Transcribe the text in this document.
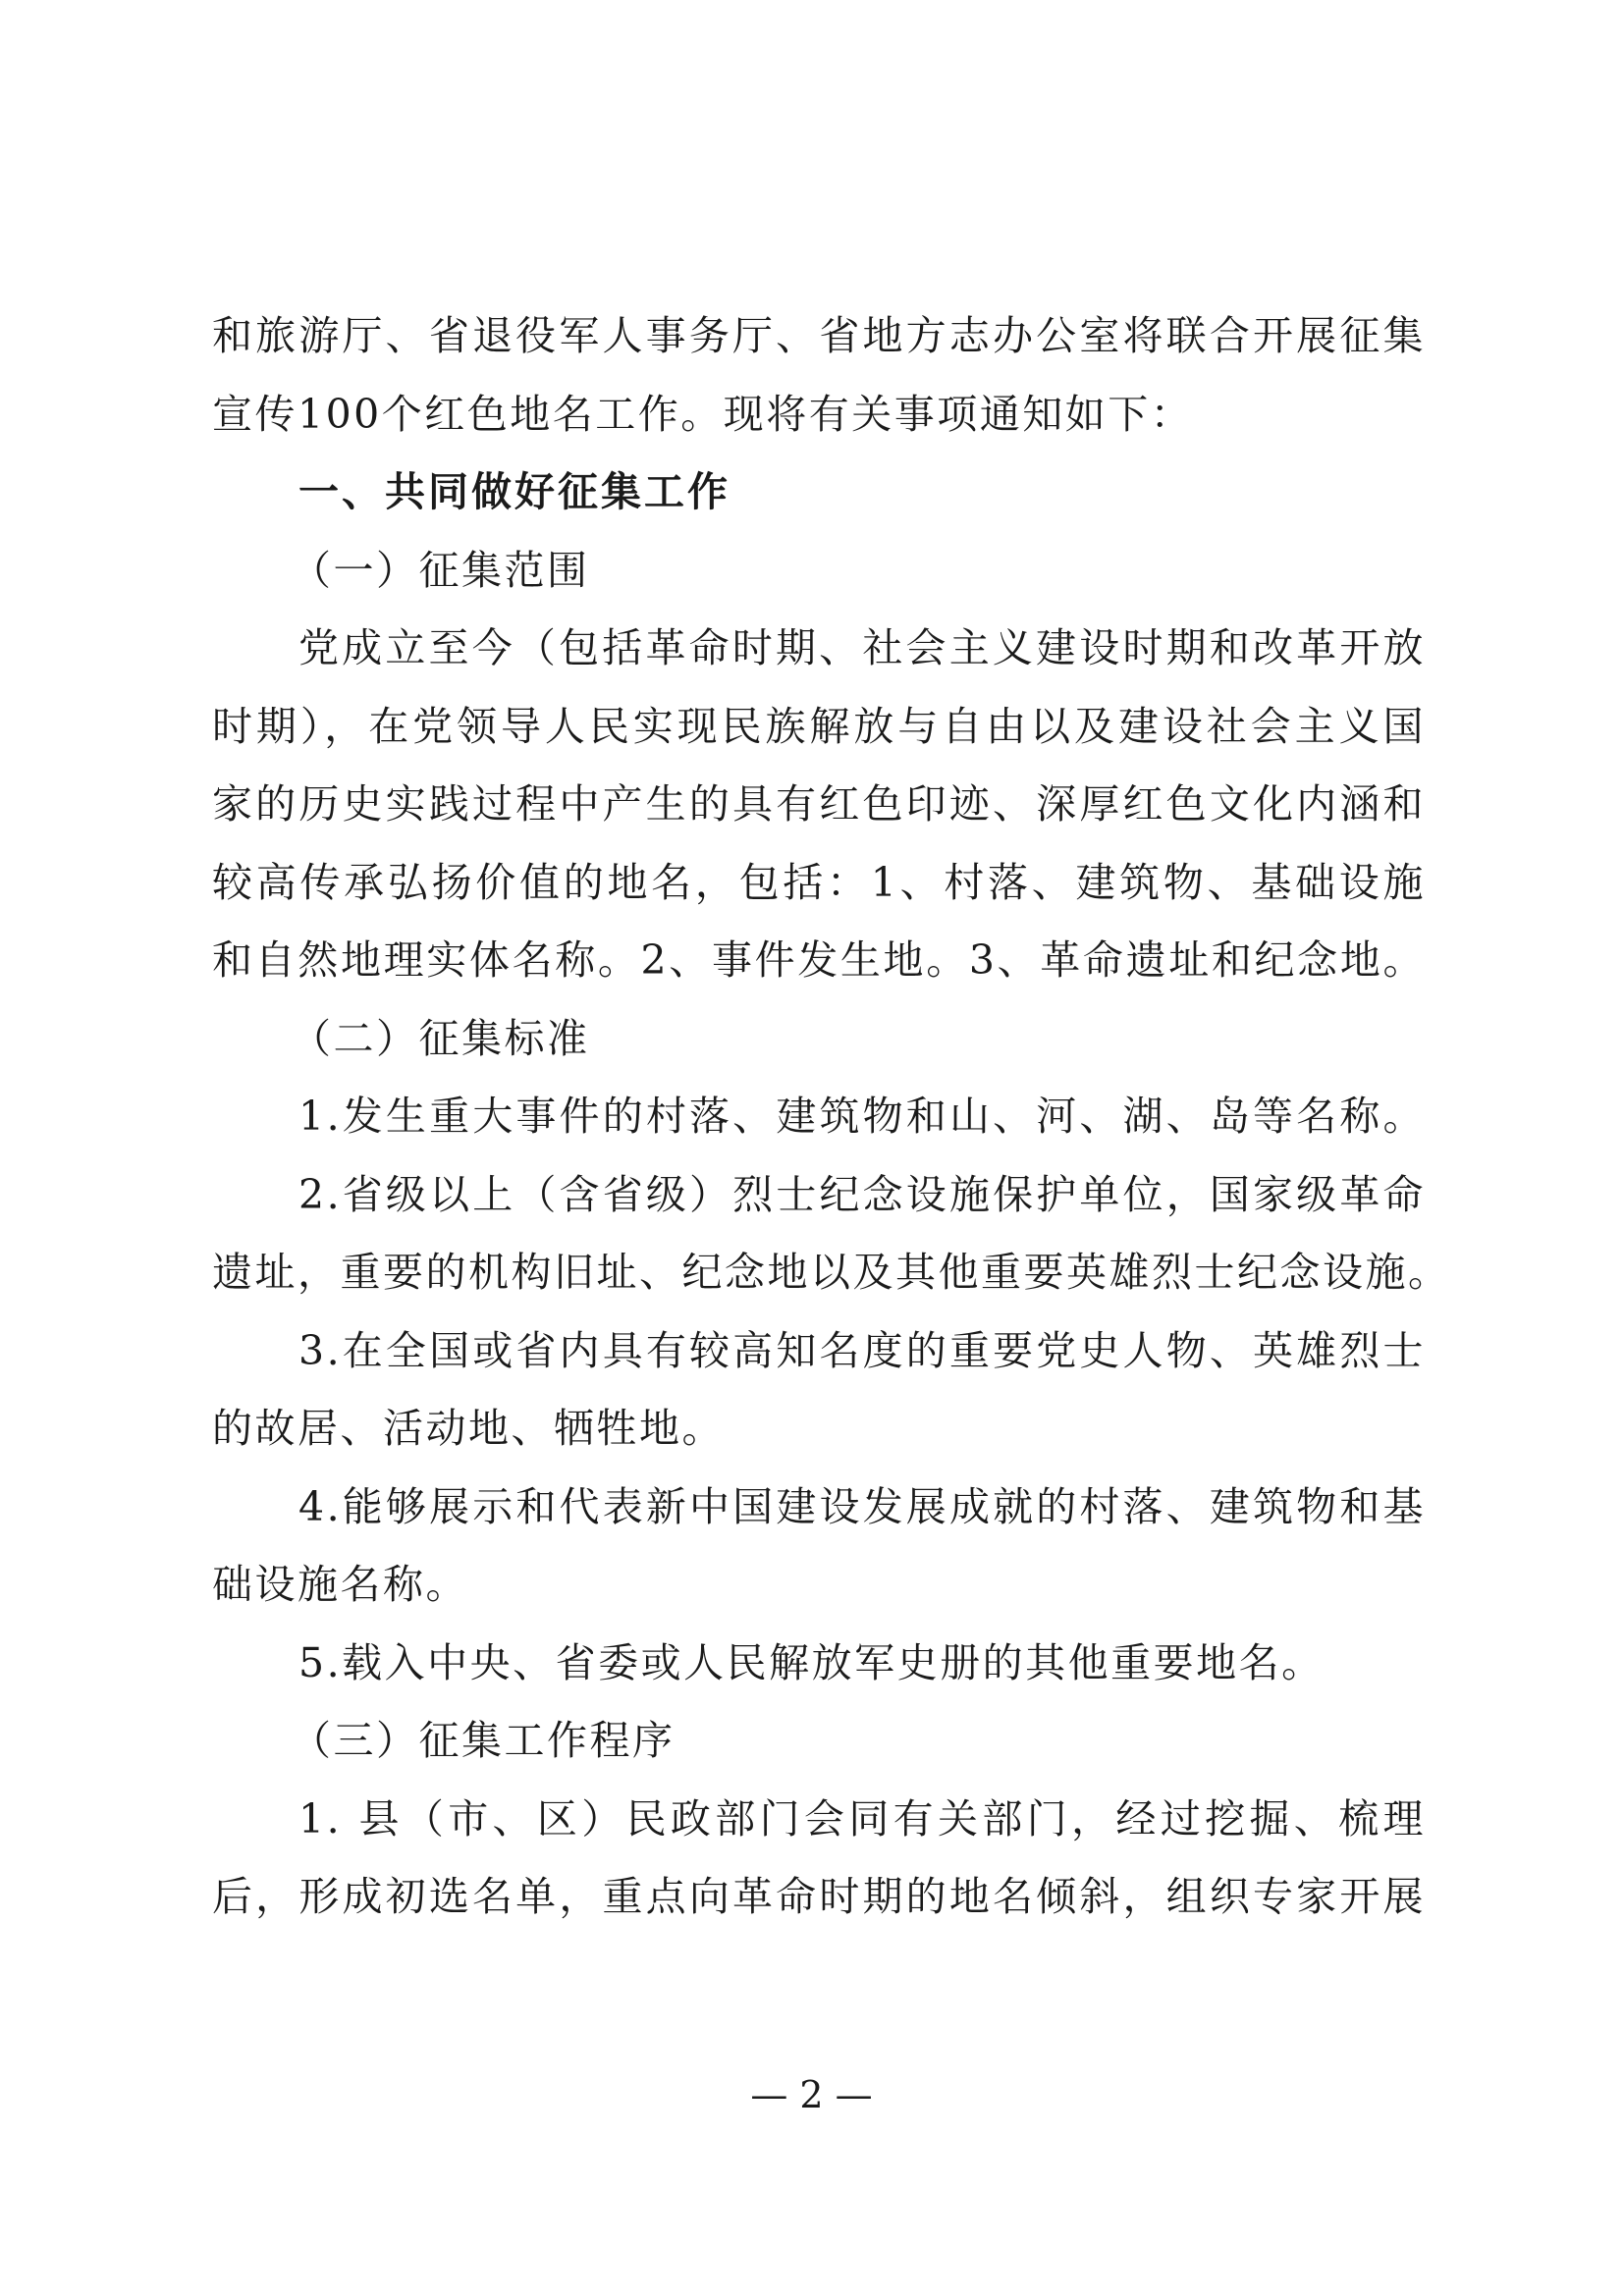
和旅游厅、省退役军人事务厅、省地方志办公室将联合开展征集
宣传100个红色地名工作。现将有关事项通知如下：
一、共同做好征集工作
（一）征集范围
党成立至今（包括革命时期、社会主义建设时期和改革开放
时期），在党领导人民实现民族解放与自由以及建设社会主义国
家的历史实践过程中产生的具有红色印迹、深厚红色文化内涵和
较高传承弘扬价值的地名，包括：1、村落、建筑物、基础设施
和自然地理实体名称。2、事件发生地。3、革命遗址和纪念地。
（二）征集标准
1.发生重大事件的村落、建筑物和山、河、湖、岛等名称。
2.省级以上（含省级）烈士纪念设施保护单位，国家级革命
遗址，重要的机构旧址、纪念地以及其他重要英雄烈士纪念设施。
3.在全国或省内具有较高知名度的重要党史人物、英雄烈士
的故居、活动地、牺牲地。
4.能够展示和代表新中国建设发展成就的村落、建筑物和基
础设施名称。
5.载入中央、省委或人民解放军史册的其他重要地名。
（三）征集工作程序
1. 县（市、区）民政部门会同有关部门，经过挖掘、梳理
后，形成初选名单，重点向革命时期的地名倾斜，组织专家开展
— 2 —
